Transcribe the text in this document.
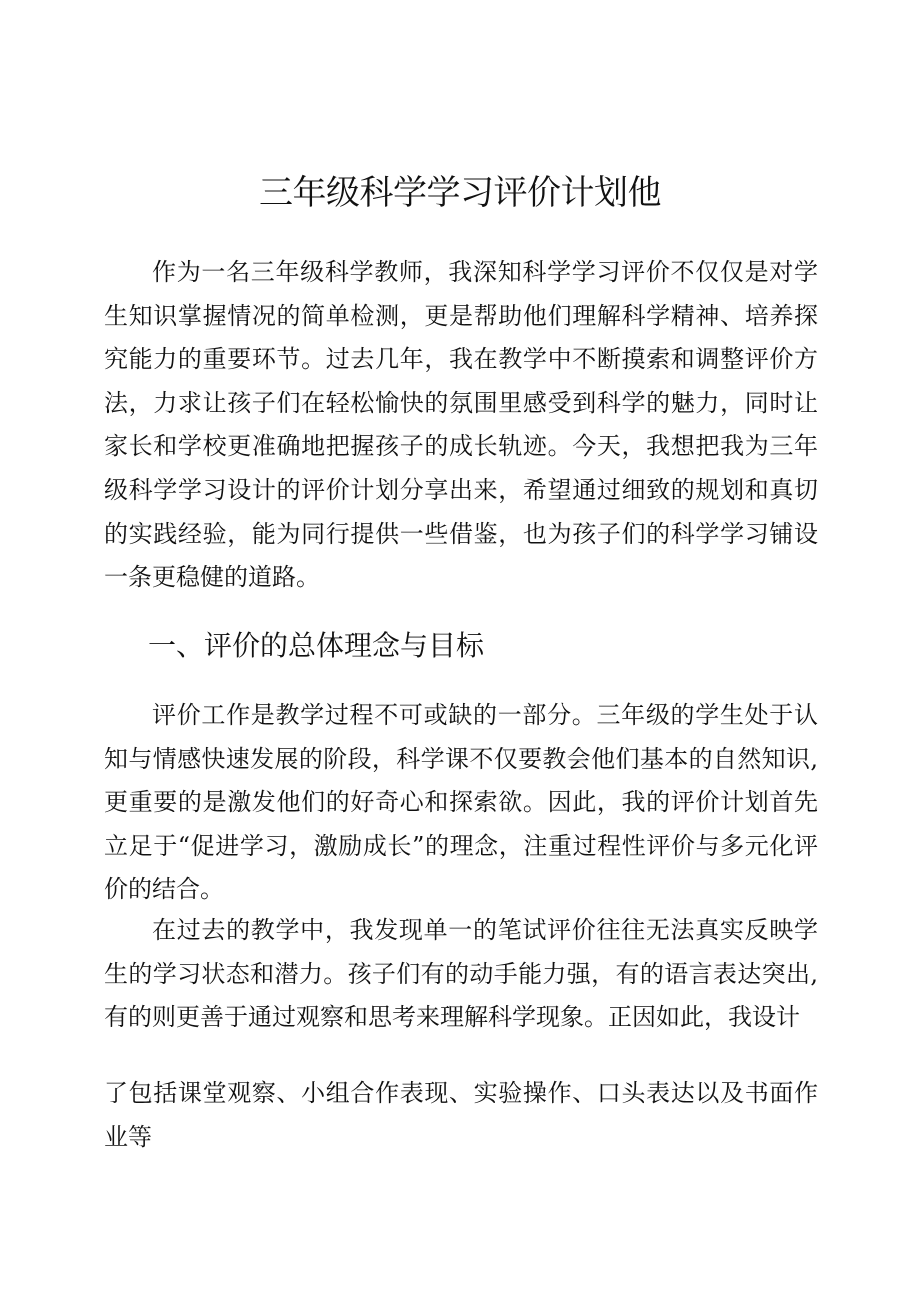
三年级科学学习评价计划他

作为一名三年级科学教师，我深知科学学习评价不仅仅是对学生知识掌握情况的简单检测，更是帮助他们理解科学精神、培养探究能力的重要环节。过去几年，我在教学中不断摸索和调整评价方法，力求让孩子们在轻松愉快的氛围里感受到科学的魅力，同时让家长和学校更准确地把握孩子的成长轨迹。今天，我想把我为三年级科学学习设计的评价计划分享出来，希望通过细致的规划和真切的实践经验，能为同行提供一些借鉴，也为孩子们的科学学习铺设一条更稳健的道路。

一、评价的总体理念与目标

评价工作是教学过程不可或缺的一部分。三年级的学生处于认知与情感快速发展的阶段，科学课不仅要教会他们基本的自然知识,更重要的是激发他们的好奇心和探索欲。因此，我的评价计划首先立足于“促进学习，激励成长”的理念，注重过程性评价与多元化评价的结合。

在过去的教学中，我发现单一的笔试评价往往无法真实反映学生的学习状态和潜力。孩子们有的动手能力强，有的语言表达突出,有的则更善于通过观察和思考来理解科学现象。正因如此，我设计

了包括课堂观察、小组合作表现、实验操作、口头表达以及书面作业等
